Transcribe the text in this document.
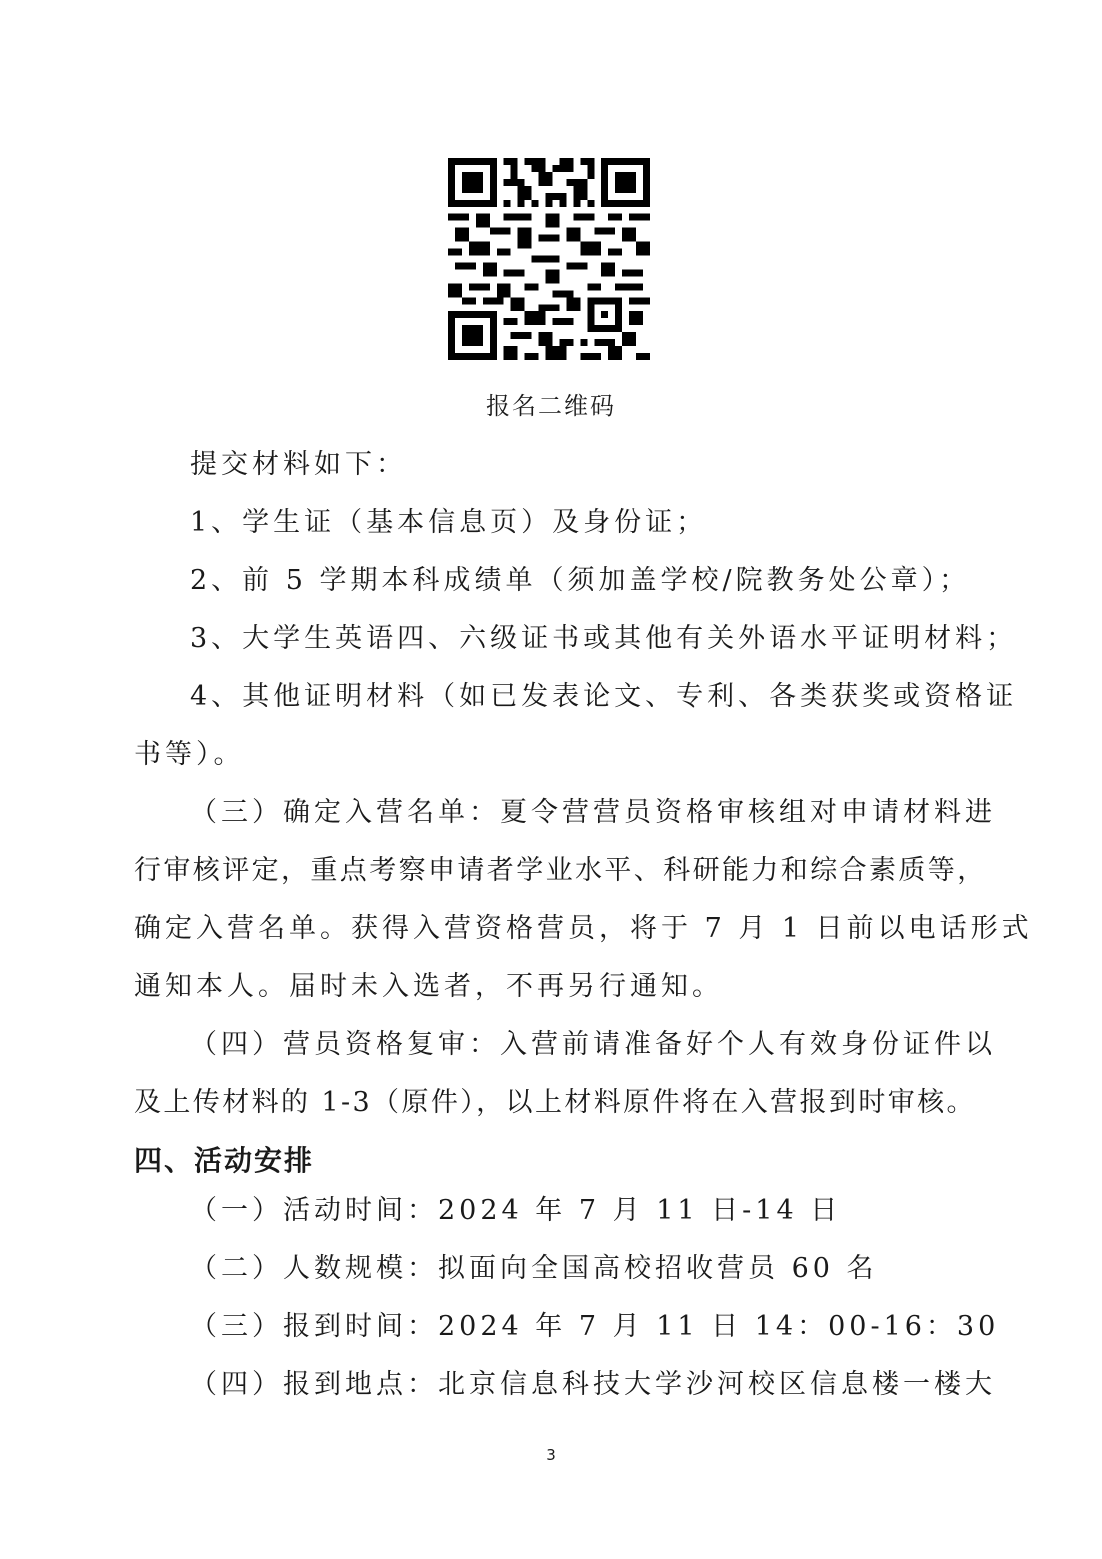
报名二维码
提交材料如下：
1、学生证（基本信息页）及身份证；
2、前 5 学期本科成绩单（须加盖学校/院教务处公章）；
3、大学生英语四、六级证书或其他有关外语水平证明材料；
4、其他证明材料（如已发表论文、专利、各类获奖或资格证
书等）。
（三）确定入营名单：夏令营营员资格审核组对申请材料进
行审核评定，重点考察申请者学业水平、科研能力和综合素质等，
确定入营名单。获得入营资格营员，将于 7 月 1 日前以电话形式
通知本人。届时未入选者，不再另行通知。
（四）营员资格复审：入营前请准备好个人有效身份证件以
及上传材料的 1-3（原件），以上材料原件将在入营报到时审核。
四、活动安排
（一）活动时间：2024 年 7 月 11 日-14 日
（二）人数规模：拟面向全国高校招收营员 60 名
（三）报到时间：2024 年 7 月 11 日 14：00-16：30
（四）报到地点：北京信息科技大学沙河校区信息楼一楼大
3
